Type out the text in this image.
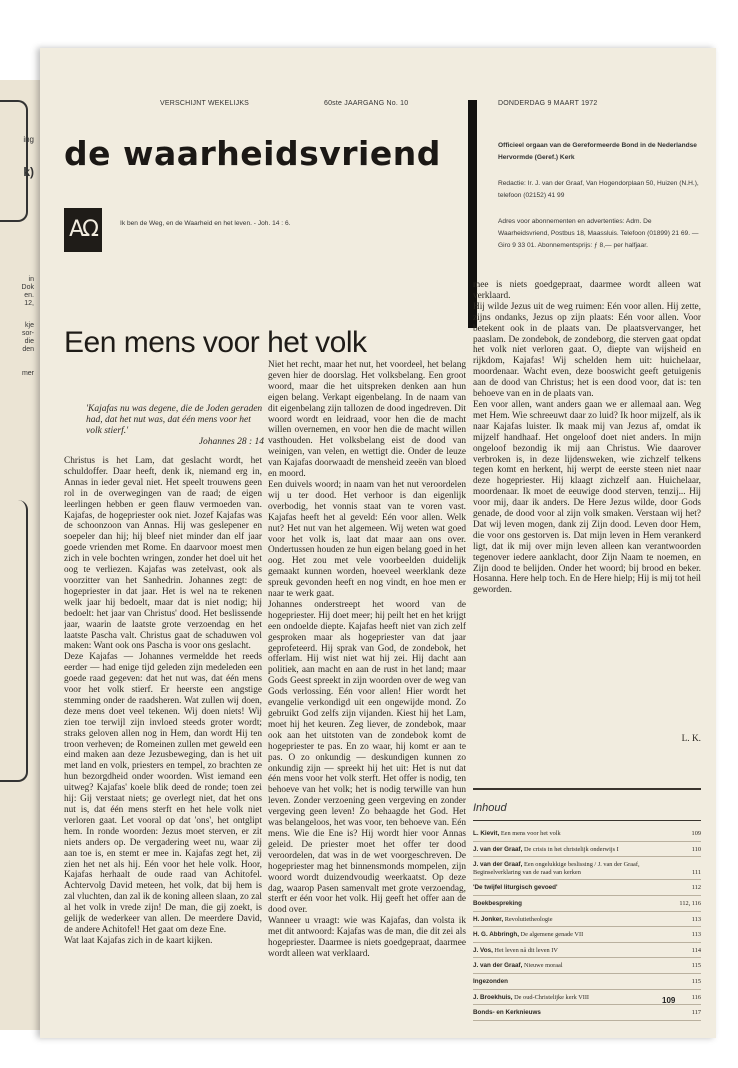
ing
k)
in
Dok
en.
12,
kje
sor-
die
den
mer
VERSCHIJNT WEKELIJKS	60ste JAARGANG No. 10	DONDERDAG 9 MAART 1972
de waarheidsvriend	Officieel orgaan van de Gereformeerde Bond in de Nederlandse Hervormde (Geref.) Kerk
Redactie: Ir. J. van der Graaf, Van Hogendorplaan 50, Huizen (N.H.), telefoon (02152) 41 99
Adres voor abonnementen en advertenties: Adm. De Waarheidsvriend, Postbus 18, Maassluis. Telefoon (01899) 21 69. — Giro 9 33 01. Abonnementsprijs: ƒ 8,— per halfjaar.
AΩ	Ik ben de Weg, en de Waarheid en het leven. - Joh. 14 : 6.
Een mens voor het volk
'Kajafas nu was degene, die de Joden geraden had, dat het nut was, dat één mens voor het volk stierf.'
Johannes 28 : 14

Christus is het Lam, dat geslacht wordt, het schuldoffer. Daar heeft, denk ik, niemand erg in, Annas in ieder geval niet. Het speelt trouwens geen rol in de overwegingen van de raad; de eigen leerlingen hebben er geen flauw vermoeden van. Kajafas, de hogepriester ook niet. Jozef Kajafas was de schoonzoon van Annas. Hij was geslepener en soepeler dan hij; hij bleef niet minder dan elf jaar goede vrienden met Rome. En daarvoor moest men zich in vele bochten wringen, zonder het doel uit het oog te verliezen. Kajafas was zetelvast, ook als voorzitter van het Sanhedrin. Johannes zegt: de hogepriester in dat jaar. Het is wel na te rekenen welk jaar hij bedoelt, maar dat is niet nodig; hij bedoelt: het jaar van Christus' dood. Het beslissende jaar, waarin de laatste grote verzoendag en het laatste Pascha valt. Christus gaat de schaduwen vol maken: Want ook ons Pascha is voor ons geslacht.

Deze Kajafas — Johannes vermeldde het reeds eerder — had enige tijd geleden zijn medeleden een goede raad gegeven: dat het nut was, dat één mens voor het volk stierf. Er heerste een angstige stemming onder de raadsheren. Wat zullen wij doen, deze mens doet veel tekenen. Wij doen niets! Wij zien toe terwijl zijn invloed steeds groter wordt; straks geloven allen nog in Hem, dan wordt Hij ten troon verheven; de Romeinen zullen met geweld een eind maken aan deze Jezusbeweging, dan is het uit met land en volk, priesters en tempel, zo brachten ze hun bezorgdheid onder woorden. Wist iemand een uitweg? Kajafas' koele blik deed de ronde; toen zei hij: Gij verstaat niets; ge overlegt niet, dat het ons nut is, dat één mens sterft en het hele volk niet verloren gaat. Let vooral op dat 'ons', het ontglipt hem. In ronde woorden: Jezus moet sterven, er zit niets anders op. De vergadering weet nu, waar zij aan toe is, en stemt er mee in. Kajafas zegt het, zij zien het net als hij. Eén voor het hele volk. Hoor, Kajafas herhaalt de oude raad van Achitofel. Achtervolg David meteen, het volk, dat bij hem is zal vluchten, dan zal ik de koning alleen slaan, zo zal al het volk in vrede zijn! De man, die gij zoekt, is gelijk de wederkeer van allen. De meerdere David, de andere Achitofel! Het gaat om deze Ene.

Wat laat Kajafas zich in de kaart kijken.

Niet het recht, maar het nut, het voordeel, het belang geven hier de doorslag. Het volksbelang. Een groot woord, maar die het uitspreken denken aan hun eigen belang. Verkapt eigenbelang. In de naam van dit eigenbelang zijn tallozen de dood ingedreven. Dit woord wordt en leidraad, voor hen die de macht willen overnemen, en voor hen die de macht willen vasthouden. Het volksbelang eist de dood van weinigen, van velen, en wettigt die. Onder de leuze van Kajafas doorwaadt de mensheid zeeën van bloed en moord.

Een duivels woord; in naam van het nut veroordelen wij u ter dood. Het verhoor is dan eigenlijk overbodig, het vonnis staat van te voren vast. Kajafas heeft het al geveld: Eén voor allen. Welk nut? Het nut van het algemeen. Wij weten wat goed voor het volk is, laat dat maar aan ons over. Ondertussen houden ze hun eigen belang goed in het oog. Het zou met vele voorbeelden duidelijk gemaakt kunnen worden, hoeveel weerklank deze spreuk gevonden heeft en nog vindt, en hoe men er naar te werk gaat.

Johannes onderstreept het woord van de hogepriester. Hij doet meer; hij peilt het en het krijgt een ondoelde diepte. Kajafas heeft niet van zich zelf gesproken maar als hogepriester van dat jaar geprofeteerd. Hij sprak van God, de zondebok, het offerlam. Hij wist niet wat hij zei. Hij dacht aan politiek, aan macht en aan de rust in het land; maar Gods Geest spreekt in zijn woorden over de weg van Gods verlossing. Eén voor allen! Hier wordt het evangelie verkondigd uit een ongewijde mond. Zo gebruikt God zelfs zijn vijanden. Kiest hij het Lam, moet hij het keuren. Zeg liever, de zondebok, maar ook aan het uitstoten van de zondebok komt de hogepriester te pas. En zo waar, hij komt er aan te pas. O zo onkundig — deskundigen kunnen zo onkundig zijn — spreekt hij het uit: Het is nut dat één mens voor het volk sterft. Het offer is nodig, ten behoeve van het volk; het is nodig terwille van hun leven. Zonder verzoening geen vergeving en zonder vergeving geen leven! Zo behaagde het God. Het was belangeloos, het was voor, ten behoeve van. Eén mens. Wie die Ene is? Hij wordt hier voor Annas geleid. De priester moet het offer ter dood veroordelen, dat was in de wet voorgeschreven. De hogepriester mag het binnensmonds mompelen, zijn woord wordt duizendvoudig weerkaatst. Op deze dag, waarop Pasen samenvalt met grote verzoendag, sterft er één voor het volk. Hij geeft het offer aan de dood over.

Wanneer u vraagt: wie was Kajafas, dan volsta ik met dit antwoord: Kajafas was de man, die dit zei als hogepriester. Daarmee is niets goedgepraat, daarmee wordt alleen wat verklaard.

mee is niets goedgepraat, daarmee wordt alleen wat verklaard.

Hij wilde Jezus uit de weg ruimen: Eén voor allen. Hij zette, zijns ondanks, Jezus op zijn plaats: Eén voor allen. Voor betekent ook in de plaats van. De plaatsvervanger, het paaslam. De zondebok, de zondeborg, die sterven gaat opdat het volk niet verloren gaat. O, diepte van wijsheid en rijkdom, Kajafas! Wij schelden hem uit: huichelaar, moordenaar. Wacht even, deze booswicht geeft getuigenis aan de dood van Christus; het is een dood voor, dat is: ten behoeve van en in de plaats van.

Een voor allen, want anders gaan we er allemaal aan. Weg met Hem. Wie schreeuwt daar zo luid? Ik hoor mijzelf, als ik naar Kajafas luister. Ik maak mij van Jezus af, omdat ik mijzelf handhaaf. Het ongeloof doet niet anders. In mijn ongeloof bezondig ik mij aan Christus. Wie daarover verbroken is, in deze lijdensweken, wie zichzelf telkens tegen komt en herkent, hij werpt de eerste steen niet naar deze hogepriester. Hij klaagt zichzelf aan. Huichelaar, moordenaar. Ik moet de eeuwige dood sterven, tenzij... Hij voor mij, daar ik anders. De Here Jezus wilde, door Gods genade, de dood voor al zijn volk smaken. Verstaan wij het? Dat wij leven mogen, dank zij Zijn dood. Leven door Hem, die voor ons gestorven is. Dat mijn leven in Hem verankerd ligt, dat ik mij over mijn leven alleen kan verantwoorden tegenover iedere aanklacht, door Zijn Naam te noemen, en Zijn dood te belijden. Onder het woord; bij brood en beker. Hosanna. Here help toch. En de Here hielp; Hij is mij tot heil geworden.

L. K.
Inhoud
L. Kievit, Een mens voor het volk	109
J. van der Graaf, De crisis in het christelijk onderwijs I	110
J. van der Graaf, Een ongelukkige beslissing / J. van der Graaf, Beginselverklaring van de raad van kerken	111
'De twijfel liturgisch gevoed'	112
Boekbespreking	112, 116
H. Jonker, Revolutietheologie	113
H. G. Abbringh, De algemene genade VII	113
J. Vos, Het leven nå dit leven IV	114
J. van der Graaf, Nieuwe moraal	115
Ingezonden	115
J. Broekhuis, De oud-Christelijke kerk VIII	116
Bonds- en Kerknieuws	117
109
